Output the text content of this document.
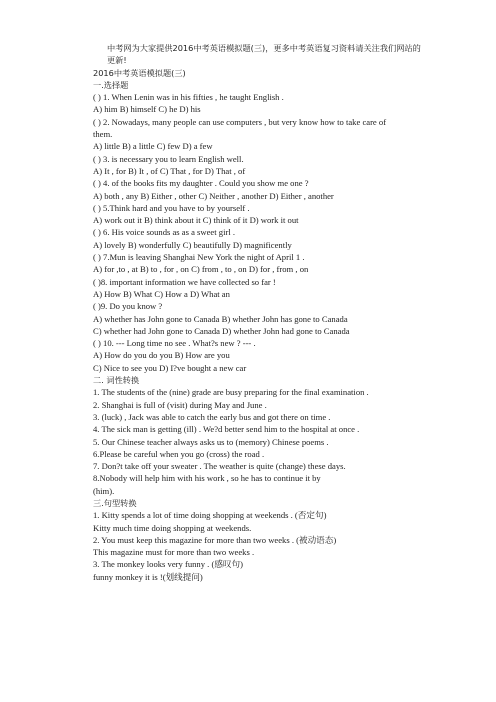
中考网为大家提供2016中考英语模拟题(三)，更多中考英语复习资料请关注我们网站的更新!
2016中考英语模拟题(三)
一.选择题
( ) 1. When Lenin was in his fifties , he taught English .
A) him B) himself C) he D) his
( ) 2. Nowadays, many people can use computers , but very know how to take care of
them.
A) little B) a little C) few D) a few
( ) 3. is necessary you to learn English well.
A) It , for B) It , of C) That , for D) That , of
( ) 4. of the books fits my daughter . Could you show me one ?
A) both , any B) Either , other C) Neither , another D) Either , another
( ) 5.Think hard and you have to by yourself .
A) work out it B) think about it C) think of it D) work it out
( ) 6. His voice sounds as as a sweet girl .
A) lovely B) wonderfully C) beautifully D) magnificently
( ) 7.Mun is leaving Shanghai New York the night of April 1 .
A) for ,to , at B) to , for , on C) from , to , on D) for , from , on
( )8. important information we have collected so far !
A) How B) What C) How a D) What an
( )9. Do you know ?
A) whether has John gone to Canada B) whether John has gone to Canada
C) whether had John gone to Canada D) whether John had gone to Canada
( ) 10. --- Long time no see . What?s new ? --- .
A) How do you do you B) How are you
C) Nice to see you D) I?ve bought a new car
二. 词性转换
1. The students of the (nine) grade are busy preparing for the final examination .
2. Shanghai is full of (visit) during May and June .
3. (luck) , Jack was able to catch the early bus and got there on time .
4. The sick man is getting (ill) . We?d better send him to the hospital at once .
5. Our Chinese teacher always asks us to (memory) Chinese poems .
6.Please be careful when you go (cross) the road .
7. Don?t take off your sweater . The weather is quite (change) these days.
8.Nobody will help him with his work , so he has to continue it by
(him).
三.句型转换
1. Kitty spends a lot of time doing shopping at weekends . (否定句)
Kitty much time doing shopping at weekends.
2. You must keep this magazine for more than two weeks . (被动语态)
This magazine must for more than two weeks .
3. The monkey looks very funny . (感叹句)
funny monkey it is !(划线提问)
